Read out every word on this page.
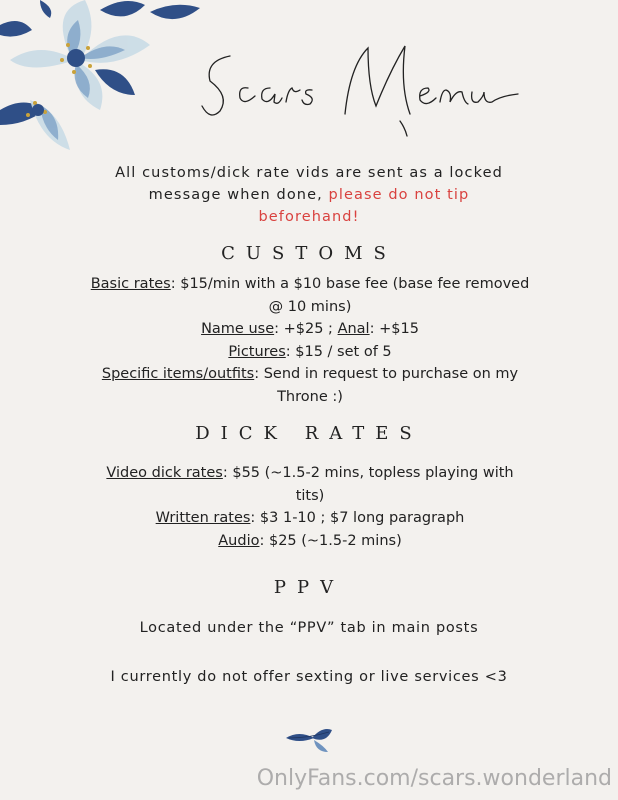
All customs/dick rate vids are sent as a locked message when done, please do not tip beforehand!
CUSTOMS
Basic rates: $15/min with a $10 base fee (base fee removed @ 10 mins)
Name use: +$25 ; Anal: +$15
Pictures: $15 / set of 5
Specific items/outfits: Send in request to purchase on my Throne :)
DICK RATES
Video dick rates: $55 (~1.5-2 mins, topless playing with tits)
Written rates: $3 1-10 ; $7 long paragraph
Audio: $25 (~1.5-2 mins)
PPV
Located under the “PPV” tab in main posts
I currently do not offer sexting or live services <3
OnlyFans.com/scars.wonderland
